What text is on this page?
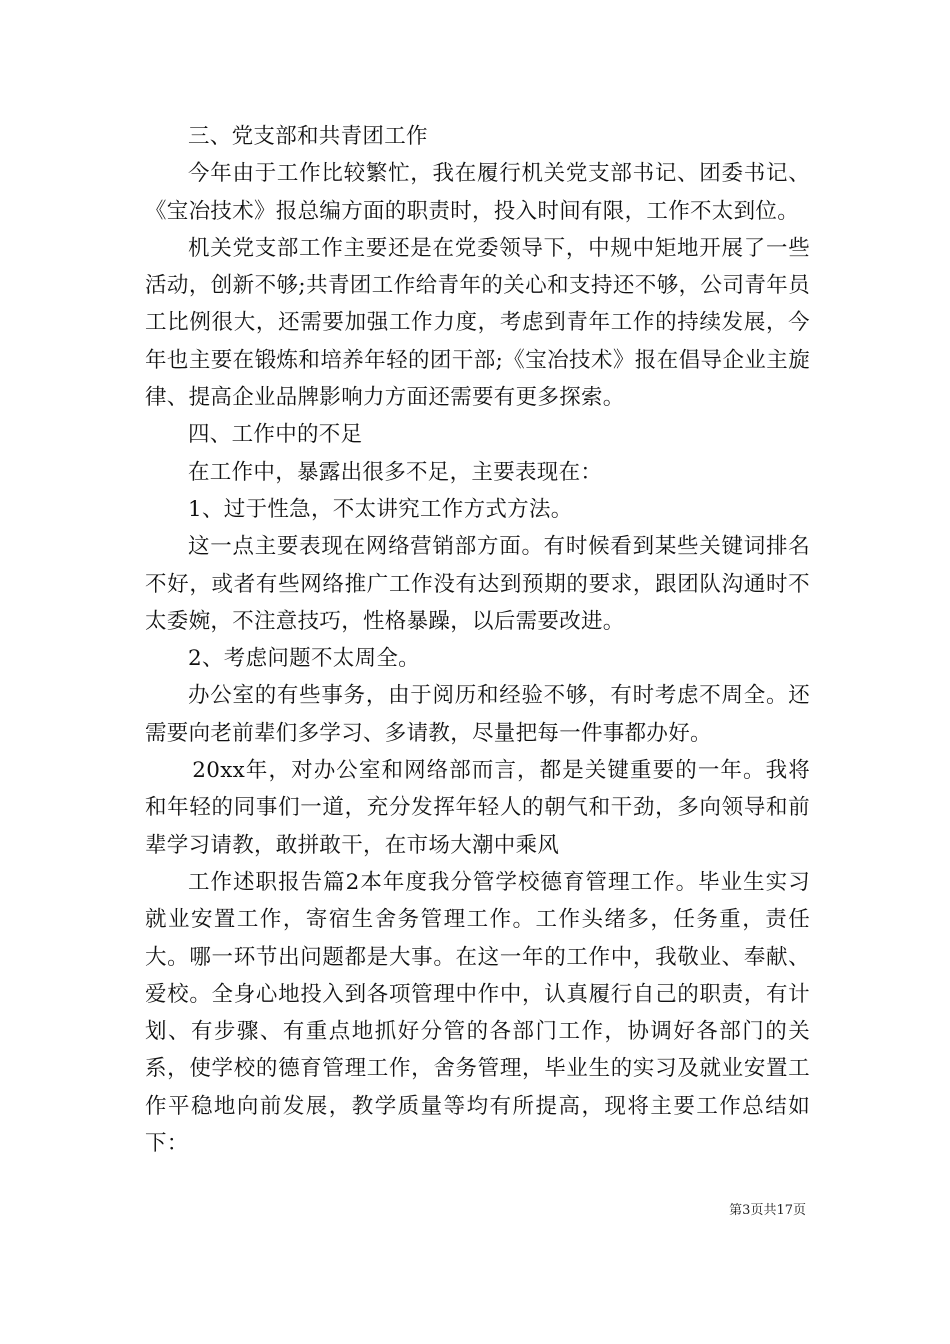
三、党支部和共青团工作

今年由于工作比较繁忙，我在履行机关党支部书记、团委书记、《宝冶技术》报总编方面的职责时，投入时间有限，工作不太到位。

机关党支部工作主要还是在党委领导下，中规中矩地开展了一些活动，创新不够;共青团工作给青年的关心和支持还不够，公司青年员工比例很大，还需要加强工作力度，考虑到青年工作的持续发展，今年也主要在锻炼和培养年轻的团干部;《宝冶技术》报在倡导企业主旋律、提高企业品牌影响力方面还需要有更多探索。

四、工作中的不足

在工作中，暴露出很多不足，主要表现在：

1、过于性急，不太讲究工作方式方法。

这一点主要表现在网络营销部方面。有时候看到某些关键词排名不好，或者有些网络推广工作没有达到预期的要求，跟团队沟通时不太委婉，不注意技巧，性格暴躁，以后需要改进。

2、考虑问题不太周全。

办公室的有些事务，由于阅历和经验不够，有时考虑不周全。还需要向老前辈们多学习、多请教，尽量把每一件事都办好。

20xx年，对办公室和网络部而言，都是关键重要的一年。我将和年轻的同事们一道，充分发挥年轻人的朝气和干劲，多向领导和前辈学习请教，敢拼敢干，在市场大潮中乘风

工作述职报告篇2本年度我分管学校德育管理工作。毕业生实习就业安置工作，寄宿生舍务管理工作。工作头绪多，任务重，责任大。哪一环节出问题都是大事。在这一年的工作中，我敬业、奉献、爱校。全身心地投入到各项管理中作中，认真履行自己的职责，有计划、有步骤、有重点地抓好分管的各部门工作，协调好各部门的关系，使学校的德育管理工作，舍务管理，毕业生的实习及就业安置工作平稳地向前发展，教学质量等均有所提高，现将主要工作总结如下：

第3页共17页
